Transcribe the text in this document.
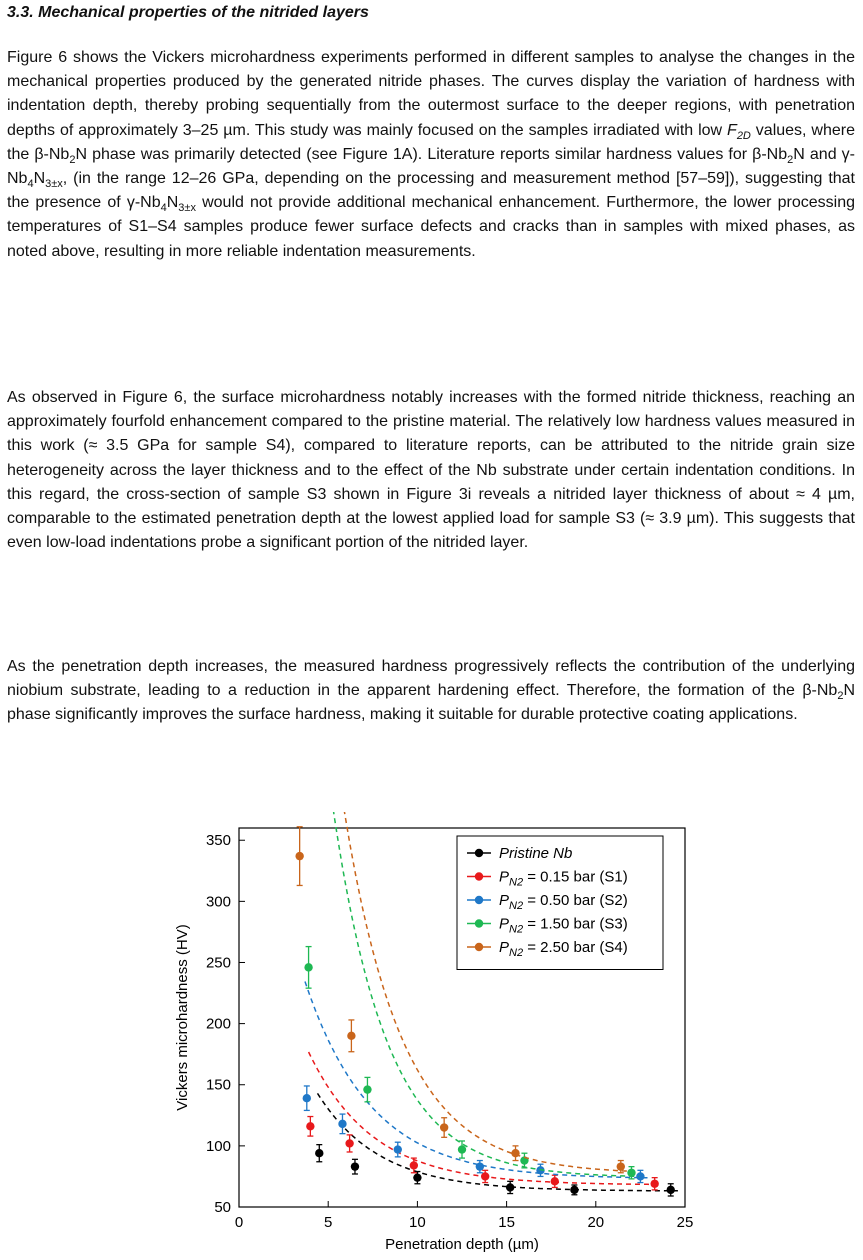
3.3. Mechanical properties of the nitrided layers

Figure 6 shows the Vickers microhardness experiments performed in different samples to analyse the changes in the mechanical properties produced by the generated nitride phases. The curves display the variation of hardness with indentation depth, thereby probing sequentially from the outermost surface to the deeper regions, with penetration depths of approximately 3–25 µm. This study was mainly focused on the samples irradiated with low $F_{2D}$ values, where the $\beta-Nb_2N$ phase was primarily detected (see Figure 1A). Literature reports similar hardness values for $\beta-Nb_2N$ and $\gamma-Nb_4N_{3\pm x}$, (in the range 12–26 GPa, depending on the processing and measurement method [57–59]), suggesting that the presence of $\gamma-Nb_4N_{3\pm x}$ would not provide additional mechanical enhancement. Furthermore, the lower processing temperatures of S1–S4 samples produce fewer surface defects and cracks than in samples with mixed phases, as noted above, resulting in more reliable indentation measurements.

As observed in Figure 6, the surface microhardness notably increases with the formed nitride thickness, reaching an approximately fourfold enhancement compared to the pristine material. The relatively low hardness values measured in this work (≈ 3.5 GPa for sample S4), compared to literature reports, can be attributed to the nitride grain size heterogeneity across the layer thickness and to the effect of the Nb substrate under certain indentation conditions. In this regard, the cross-section of sample S3 shown in Figure 3i reveals a nitrided layer thickness of about ≈ 4 µm, comparable to the estimated penetration depth at the lowest applied load for sample S3 (≈ 3.9 µm). This suggests that even low-load indentations probe a significant portion of the nitrided layer.

As the penetration depth increases, the measured hardness progressively reflects the contribution of the underlying niobium substrate, leading to a reduction in the apparent hardening effect. Therefore, the formation of the $\beta-Nb_2N$ phase significantly improves the surface hardness, making it suitable for durable protective coating applications.

0	5	10	15	20	25
50
100
150
200
250
300
350
Penetration depth (µm)
Vickers microhardness (HV)
Pristine Nb
$P_{N2} = 0.15$ bar (S1)
$P_{N2} = 0.50$ bar (S2)
$P_{N2} = 1.50$ bar (S3)
$P_{N2} = 2.50$ bar (S4)
